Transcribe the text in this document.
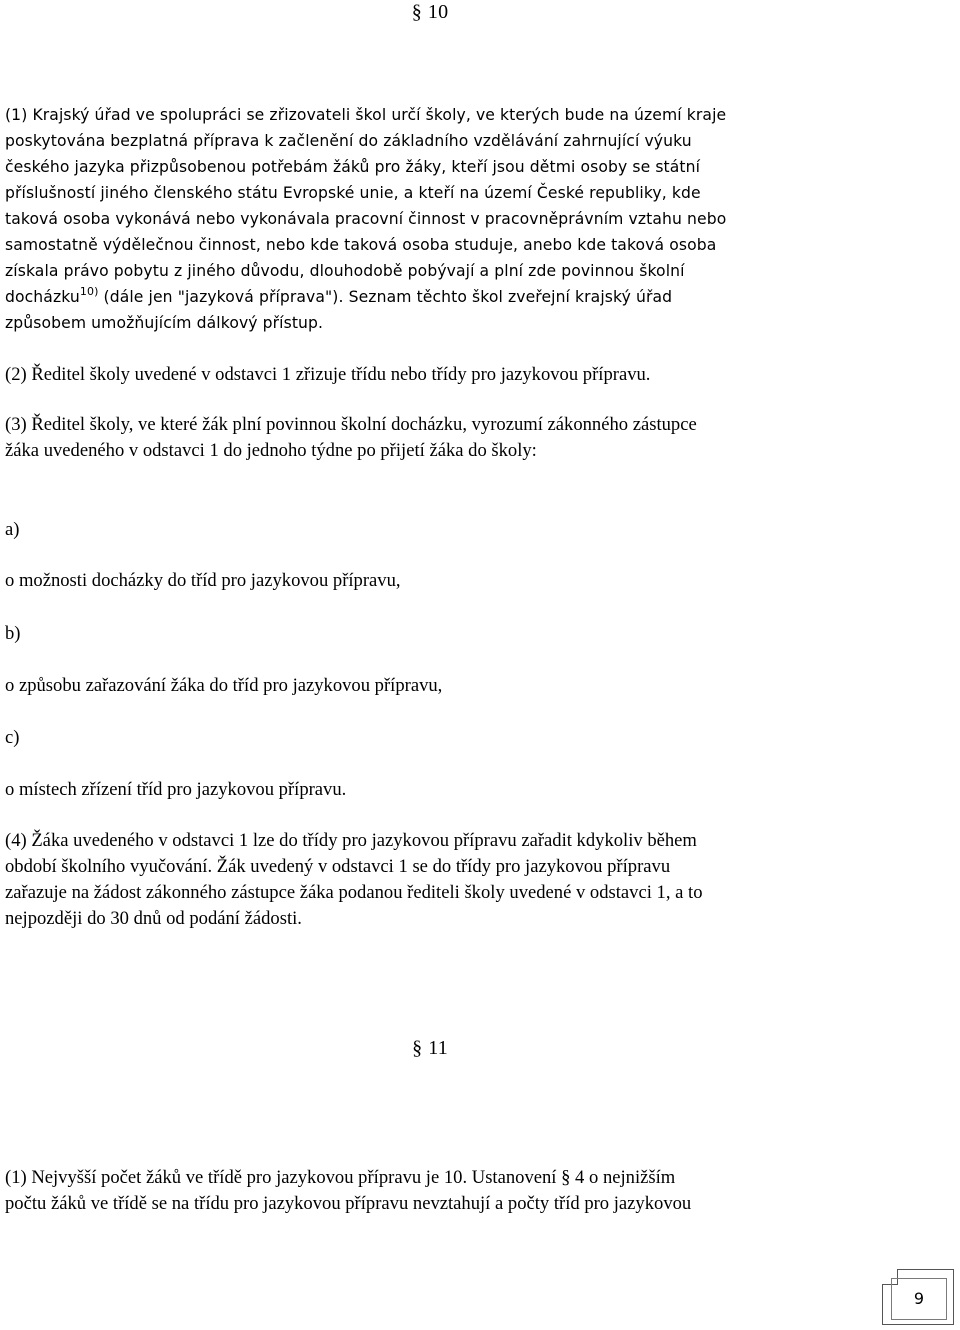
§ 10
(1) Krajský úřad ve spolupráci se zřizovateli škol určí školy, ve kterých bude na území kraje
poskytována bezplatná příprava k začlenění do základního vzdělávání zahrnující výuku
českého jazyka přizpůsobenou potřebám žáků pro žáky, kteří jsou dětmi osoby se státní
příslušností jiného členského státu Evropské unie, a kteří na území České republiky, kde
taková osoba vykonává nebo vykonávala pracovní činnost v pracovněprávním vztahu nebo
samostatně výdělečnou činnost, nebo kde taková osoba studuje, anebo kde taková osoba
získala právo pobytu z jiného důvodu, dlouhodobě pobývají a plní zde povinnou školní
docházku$^{10)}$ (dále jen "jazyková příprava"). Seznam těchto škol zveřejní krajský úřad
způsobem umožňujícím dálkový přístup.
(2) Ředitel školy uvedené v odstavci 1 zřizuje třídu nebo třídy pro jazykovou přípravu.
(3) Ředitel školy, ve které žák plní povinnou školní docházku, vyrozumí zákonného zástupce
žáka uvedeného v odstavci 1 do jednoho týdne po přijetí žáka do školy:
a)
o možnosti docházky do tříd pro jazykovou přípravu,
b)
o způsobu zařazování žáka do tříd pro jazykovou přípravu,
c)
o místech zřízení tříd pro jazykovou přípravu.
(4) Žáka uvedeného v odstavci 1 lze do třídy pro jazykovou přípravu zařadit kdykoliv během
období školního vyučování. Žák uvedený v odstavci 1 se do třídy pro jazykovou přípravu
zařazuje na žádost zákonného zástupce žáka podanou řediteli školy uvedené v odstavci 1, a to
nejpozději do 30 dnů od podání žádosti.
§ 11
(1) Nejvyšší počet žáků ve třídě pro jazykovou přípravu je 10. Ustanovení § 4 o nejnižším
počtu žáků ve třídě se na třídu pro jazykovou přípravu nevztahují a počty tříd pro jazykovou
9
